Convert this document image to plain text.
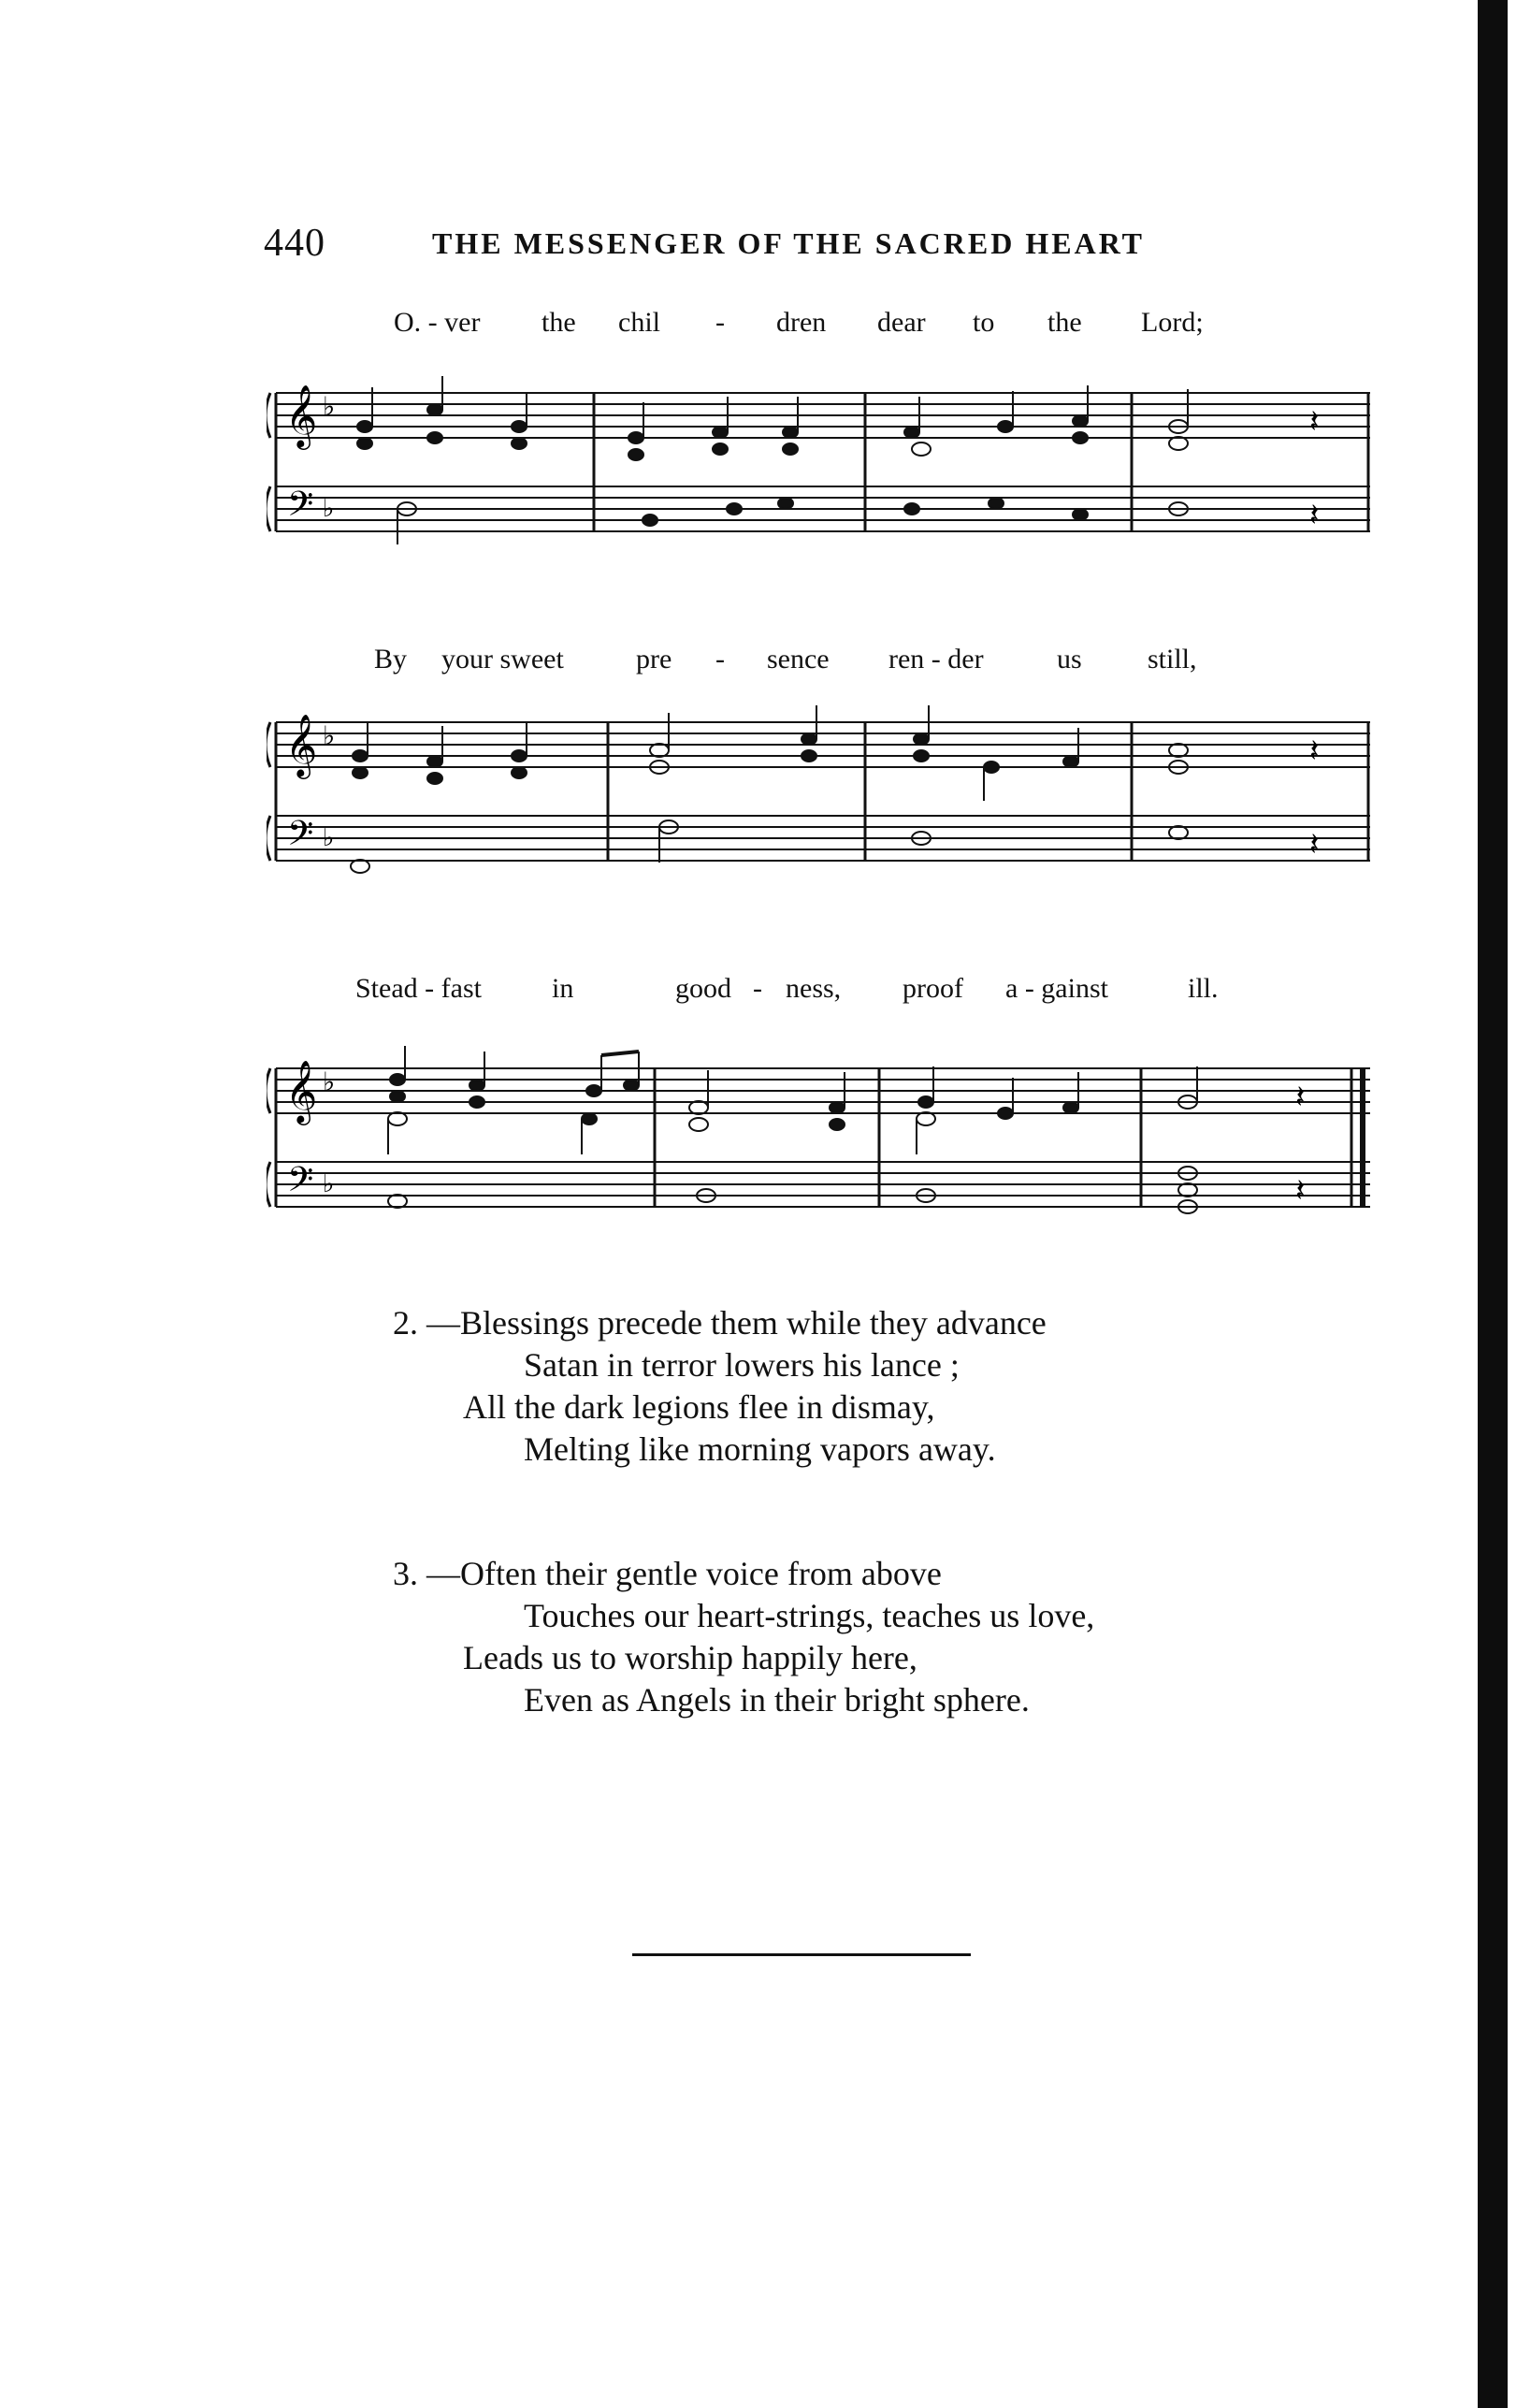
440	THE MESSENGER OF THE SACRED HEART
O. - ver the chil - dren dear to the Lord;
𝄞
𝄢
♭
♭
𝄽
𝄽
By your sweet	pre - sence ren - der	us still,
𝄞
𝄢
♭
♭
𝄽
𝄽
Stead - fast	in	good - ness, proof a - gainst	ill.
𝄞
𝄢
♭
♭
𝄽
𝄽
2. —Blessings precede them while they advance
Satan in terror lowers his lance ;
All the dark legions flee in dismay,
Melting like morning vapors away.
3. —Often their gentle voice from above
Touches our heart-strings, teaches us love,
Leads us to worship happily here,
Even as Angels in their bright sphere.
